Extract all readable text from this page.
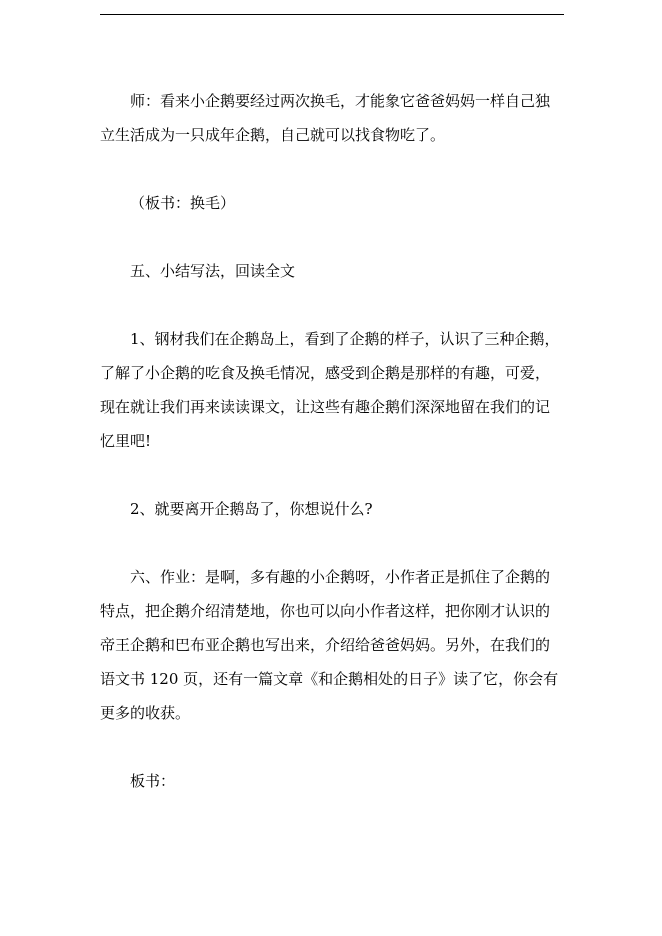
师：看来小企鹅要经过两次换毛，才能象它爸爸妈妈一样自己独立生活成为一只成年企鹅，自己就可以找食物吃了。

（板书：换毛）

五、小结写法，回读全文

1、钢材我们在企鹅岛上，看到了企鹅的样子，认识了三种企鹅，了解了小企鹅的吃食及换毛情况，感受到企鹅是那样的有趣，可爱，现在就让我们再来读读课文，让这些有趣企鹅们深深地留在我们的记忆里吧!

2、就要离开企鹅岛了，你想说什么?

六、作业：是啊，多有趣的小企鹅呀，小作者正是抓住了企鹅的特点，把企鹅介绍清楚地，你也可以向小作者这样，把你刚才认识的帝王企鹅和巴布亚企鹅也写出来，介绍给爸爸妈妈。另外，在我们的语文书 120 页，还有一篇文章《和企鹅相处的日子》读了它，你会有更多的收获。

板书：
